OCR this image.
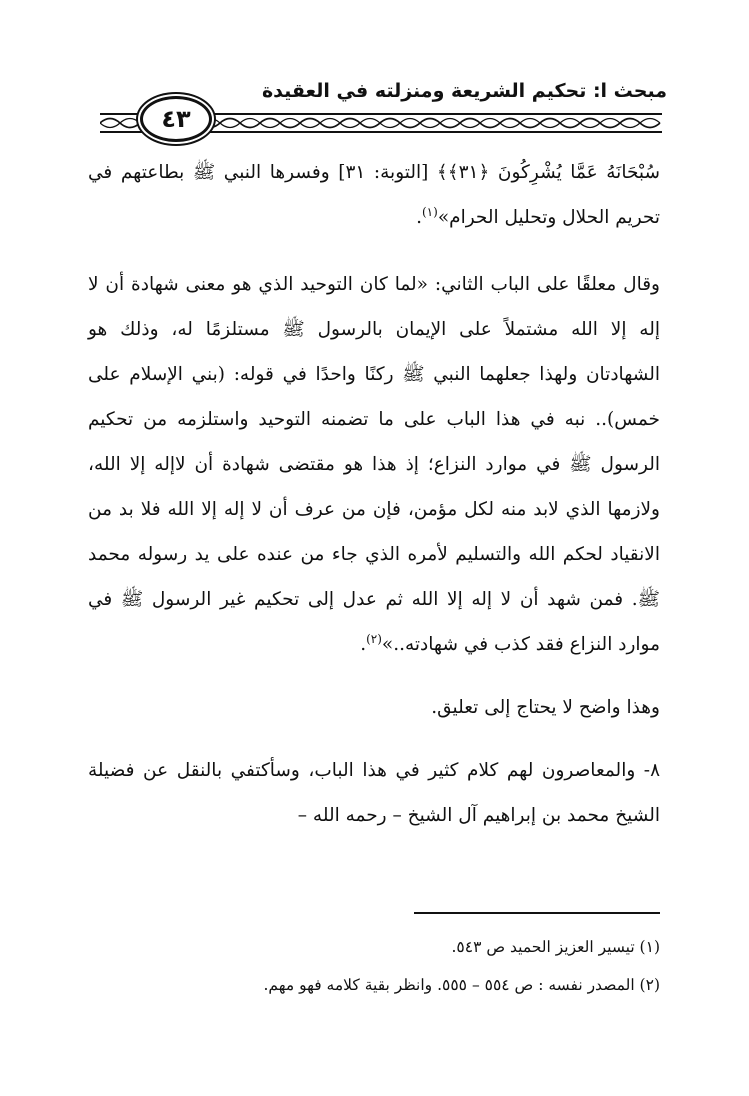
مبحث ا: تحكيم الشريعة ومنزلته في العقيدة
٤٣

سُبْحَانَهُ عَمَّا يُشْرِكُونَ ﴿٣١﴾﴾ [التوبة: ٣١] وفسرها النبي ﷺ بطاعتهم في تحريم الحلال وتحليل الحرام»$^{(١)}$.

وقال معلقًا على الباب الثاني: «لما كان التوحيد الذي هو معنى شهادة أن لا إله إلا الله مشتملاً على الإيمان بالرسول ﷺ مستلزمًا له، وذلك هو الشهادتان ولهذا جعلهما النبي ﷺ ركنًا واحدًا في قوله: (بني الإسلام على خمس).. نبه في هذا الباب على ما تضمنه التوحيد واستلزمه من تحكيم الرسول ﷺ في موارد النزاع؛ إذ هذا هو مقتضى شهادة أن لاإله إلا الله، ولازمها الذي لابد منه لكل مؤمن، فإن من عرف أن لا إله إلا الله فلا بد من الانقياد لحكم الله والتسليم لأمره الذي جاء من عنده على يد رسوله محمد ﷺ. فمن شهد أن لا إله إلا الله ثم عدل إلى تحكيم غير الرسول ﷺ في موارد النزاع فقد كذب في شهادته..»$^{(٢)}$.

وهذا واضح لا يحتاج إلى تعليق.

٨- والمعاصرون لهم كلام كثير في هذا الباب، وسأكتفي بالنقل عن فضيلة الشيخ محمد بن إبراهيم آل الشيخ – رحمه الله –

(١) تيسير العزيز الحميد ص ٥٤٣.

(٢) المصدر نفسه : ص ٥٥٤ – ٥٥٥. وانظر بقية كلامه فهو مهم.
